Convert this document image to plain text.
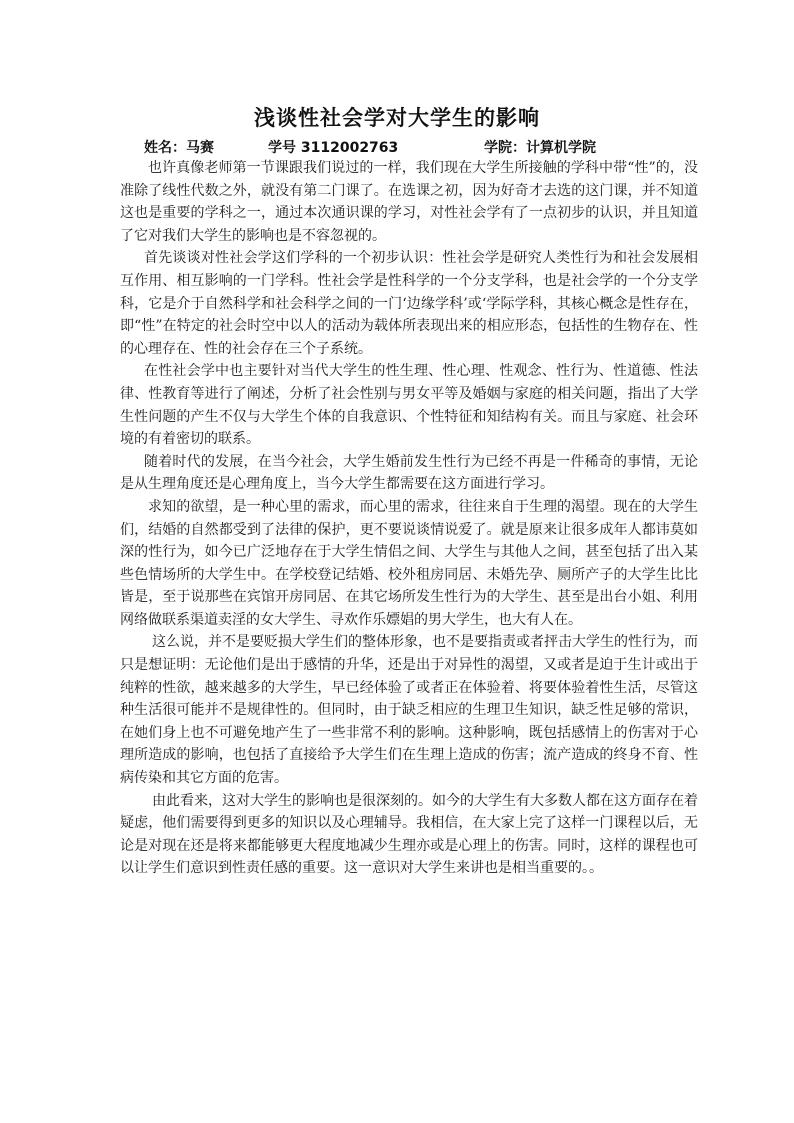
浅谈性社会学对大学生的影响
姓名：马赛	学号 3112002763	学院：计算机学院

也许真像老师第一节课跟我们说过的一样，我们现在大学生所接触的学科中带“性”的，没准除了线性代数之外，就没有第二门课了。在选课之初，因为好奇才去选的这门课，并不知道这也是重要的学科之一，通过本次通识课的学习，对性社会学有了一点初步的认识，并且知道了它对我们大学生的影响也是不容忽视的。

首先谈谈对性社会学这们学科的一个初步认识：性社会学是研究人类性行为和社会发展相互作用、相互影响的一门学科。性社会学是性科学的一个分支学科，也是社会学的一个分支学科，它是介于自然科学和社会科学之间的一门‘边缘学科’或‘学际学科，其核心概念是性存在，即“性”在特定的社会时空中以人的活动为载体所表现出来的相应形态，包括性的生物存在、性的心理存在、性的社会存在三个子系统。

在性社会学中也主要针对当代大学生的性生理、性心理、性观念、性行为、性道德、性法律、性教育等进行了阐述，分析了社会性别与男女平等及婚姻与家庭的相关问题，指出了大学生性问题的产生不仅与大学生个体的自我意识、个性特征和知结构有关。而且与家庭、社会环境的有着密切的联系。

随着时代的发展，在当今社会，大学生婚前发生性行为已经不再是一件稀奇的事情，无论是从生理角度还是心理角度上，当今大学生都需要在这方面进行学习。

求知的欲望，是一种心里的需求，而心里的需求，往往来自于生理的渴望。现在的大学生们，结婚的自然都受到了法律的保护，更不要说谈情说爱了。就是原来让很多成年人都讳莫如深的性行为，如今已广泛地存在于大学生情侣之间、大学生与其他人之间，甚至包括了出入某些色情场所的大学生中。在学校登记结婚、校外租房同居、未婚先孕、厕所产子的大学生比比皆是，至于说那些在宾馆开房同居、在其它场所发生性行为的大学生、甚至是出台小姐、利用网络做联系渠道卖淫的女大学生、寻欢作乐嫖娼的男大学生，也大有人在。

这么说，并不是要贬损大学生们的整体形象，也不是要指责或者抨击大学生的性行为，而只是想证明：无论他们是出于感情的升华，还是出于对异性的渴望，又或者是迫于生计或出于纯粹的性欲，越来越多的大学生，早已经体验了或者正在体验着、将要体验着性生活，尽管这种生活很可能并不是规律性的。但同时，由于缺乏相应的生理卫生知识，缺乏性足够的常识，在她们身上也不可避免地产生了一些非常不利的影响。这种影响，既包括感情上的伤害对于心理所造成的影响，也包括了直接给予大学生们在生理上造成的伤害；流产造成的终身不育、性病传染和其它方面的危害。

由此看来，这对大学生的影响也是很深刻的。如今的大学生有大多数人都在这方面存在着疑虑，他们需要得到更多的知识以及心理辅导。我相信，在大家上完了这样一门课程以后，无论是对现在还是将来都能够更大程度地减少生理亦或是心理上的伤害。同时，这样的课程也可以让学生们意识到性责任感的重要。这一意识对大学生来讲也是相当重要的。。
